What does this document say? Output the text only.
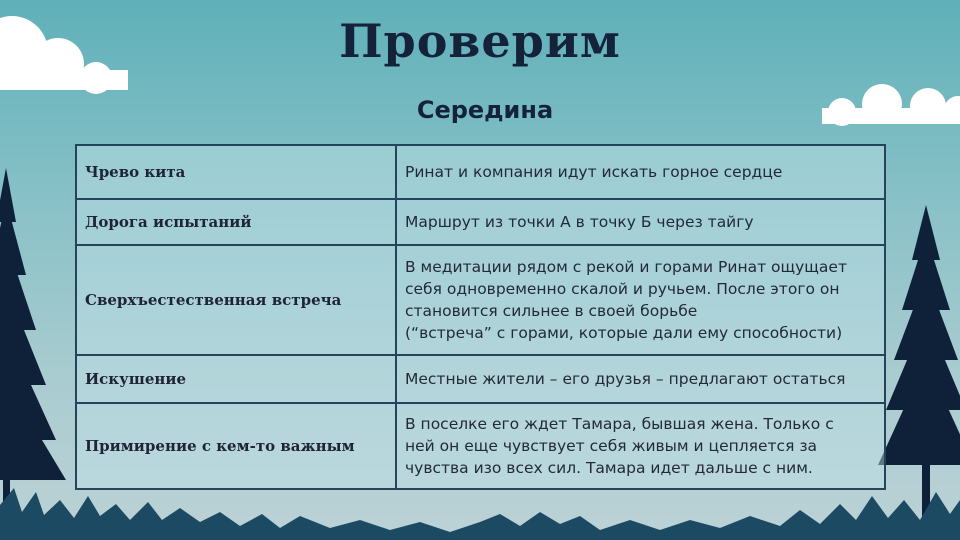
Проверим
Середина
Чрево кита	Ринат и компания идут искать горное сердце

Дорога испытаний	Маршрут из точки А в точку Б через тайгу

Сверхъестественная встреча	В медитации рядом с рекой и горами Ринат ощущает
себя одновременно скалой и ручьем. После этого он
становится сильнее в своей борьбе
(“встреча” с горами, которые дали ему способности)

Искушение	Местные жители – его друзья – предлагают остаться

Примирение с кем-то важным	В поселке его ждет Тамара, бывшая жена. Только с
ней он еще чувствует себя живым и цепляется за
чувства изо всех сил. Тамара идет дальше с ним.
